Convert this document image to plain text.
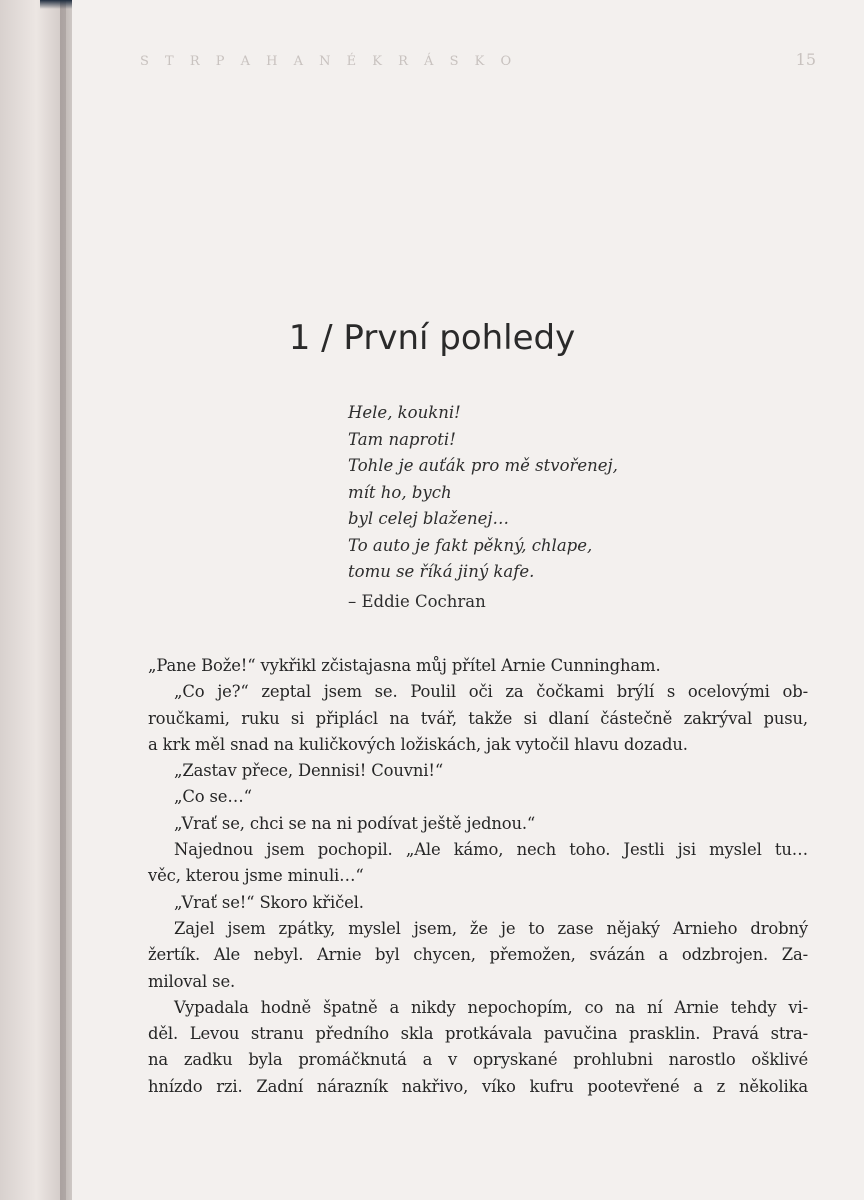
S T R P A H A N É K R Á S K O	15
1 / První pohledy
Hele, koukni!
Tam naproti!
Tohle je auťák pro mě stvořenej,
mít ho, bych
byl celej blaženej…
To auto je fakt pěkný, chlape,
tomu se říká jiný kafe.
– Eddie Cochran
„Pane Bože!“ vykřikl zčistajasna můj přítel Arnie Cunningham.
„Co je?“ zeptal jsem se. Poulil oči za čočkami brýlí s ocelovými ob-
roučkami, ruku si připlácl na tvář, takže si dlaní částečně zakrýval pusu,
a krk měl snad na kuličkových ložiskách, jak vytočil hlavu dozadu.
„Zastav přece, Dennisi! Couvni!“
„Co se…“
„Vrať se, chci se na ni podívat ještě jednou.“
Najednou jsem pochopil. „Ale kámo, nech toho. Jestli jsi myslel tu…
věc, kterou jsme minuli…“
„Vrať se!“ Skoro křičel.
Zajel jsem zpátky, myslel jsem, že je to zase nějaký Arnieho drobný
žertík. Ale nebyl. Arnie byl chycen, přemožen, svázán a odzbrojen. Za-
miloval se.
Vypadala hodně špatně a nikdy nepochopím, co na ní Arnie tehdy vi-
děl. Levou stranu předního skla protkávala pavučina prasklin. Pravá stra-
na zadku byla promáčknutá a v opryskané prohlubni narostlo ošklivé
hnízdo rzi. Zadní nárazník nakřivo, víko kufru pootevřené a z několika
